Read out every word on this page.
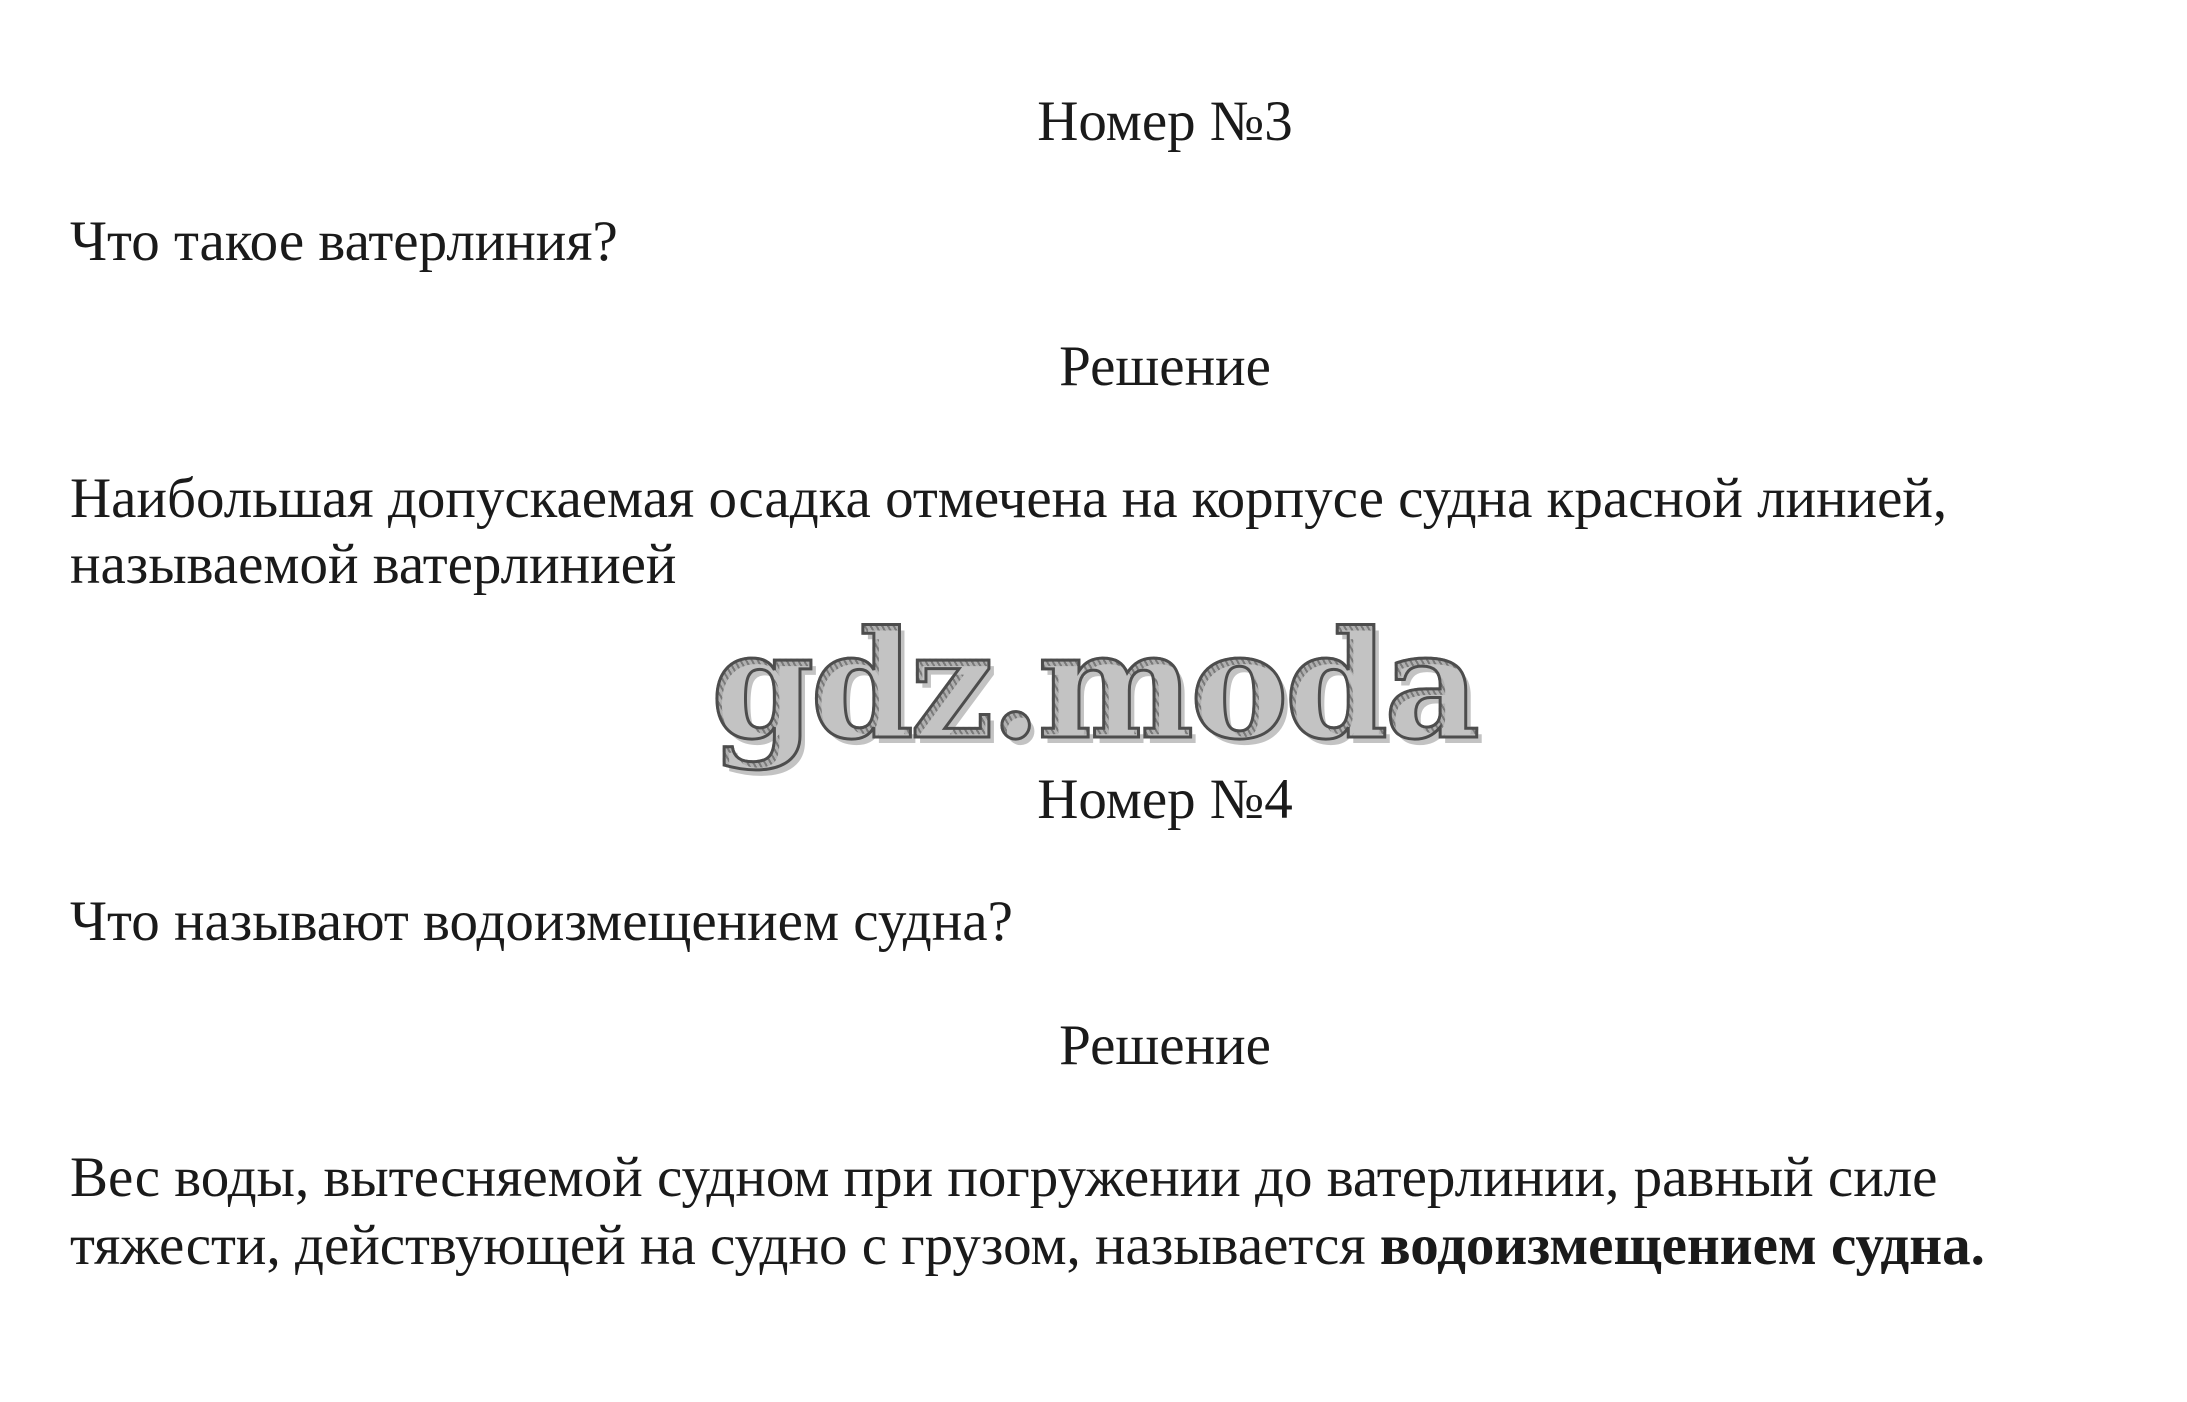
Номер №3
Что такое ватерлиния?
Решение
Наибольшая допускаемая осадка отмечена на корпусе судна красной линией,
называемой ватерлинией
gdz.moda
Номер №4
Что называют водоизмещением судна?
Решение
Вес воды, вытесняемой судном при погружении до ватерлинии, равный силе
тяжести, действующей на судно с грузом, называется водоизмещением судна.
